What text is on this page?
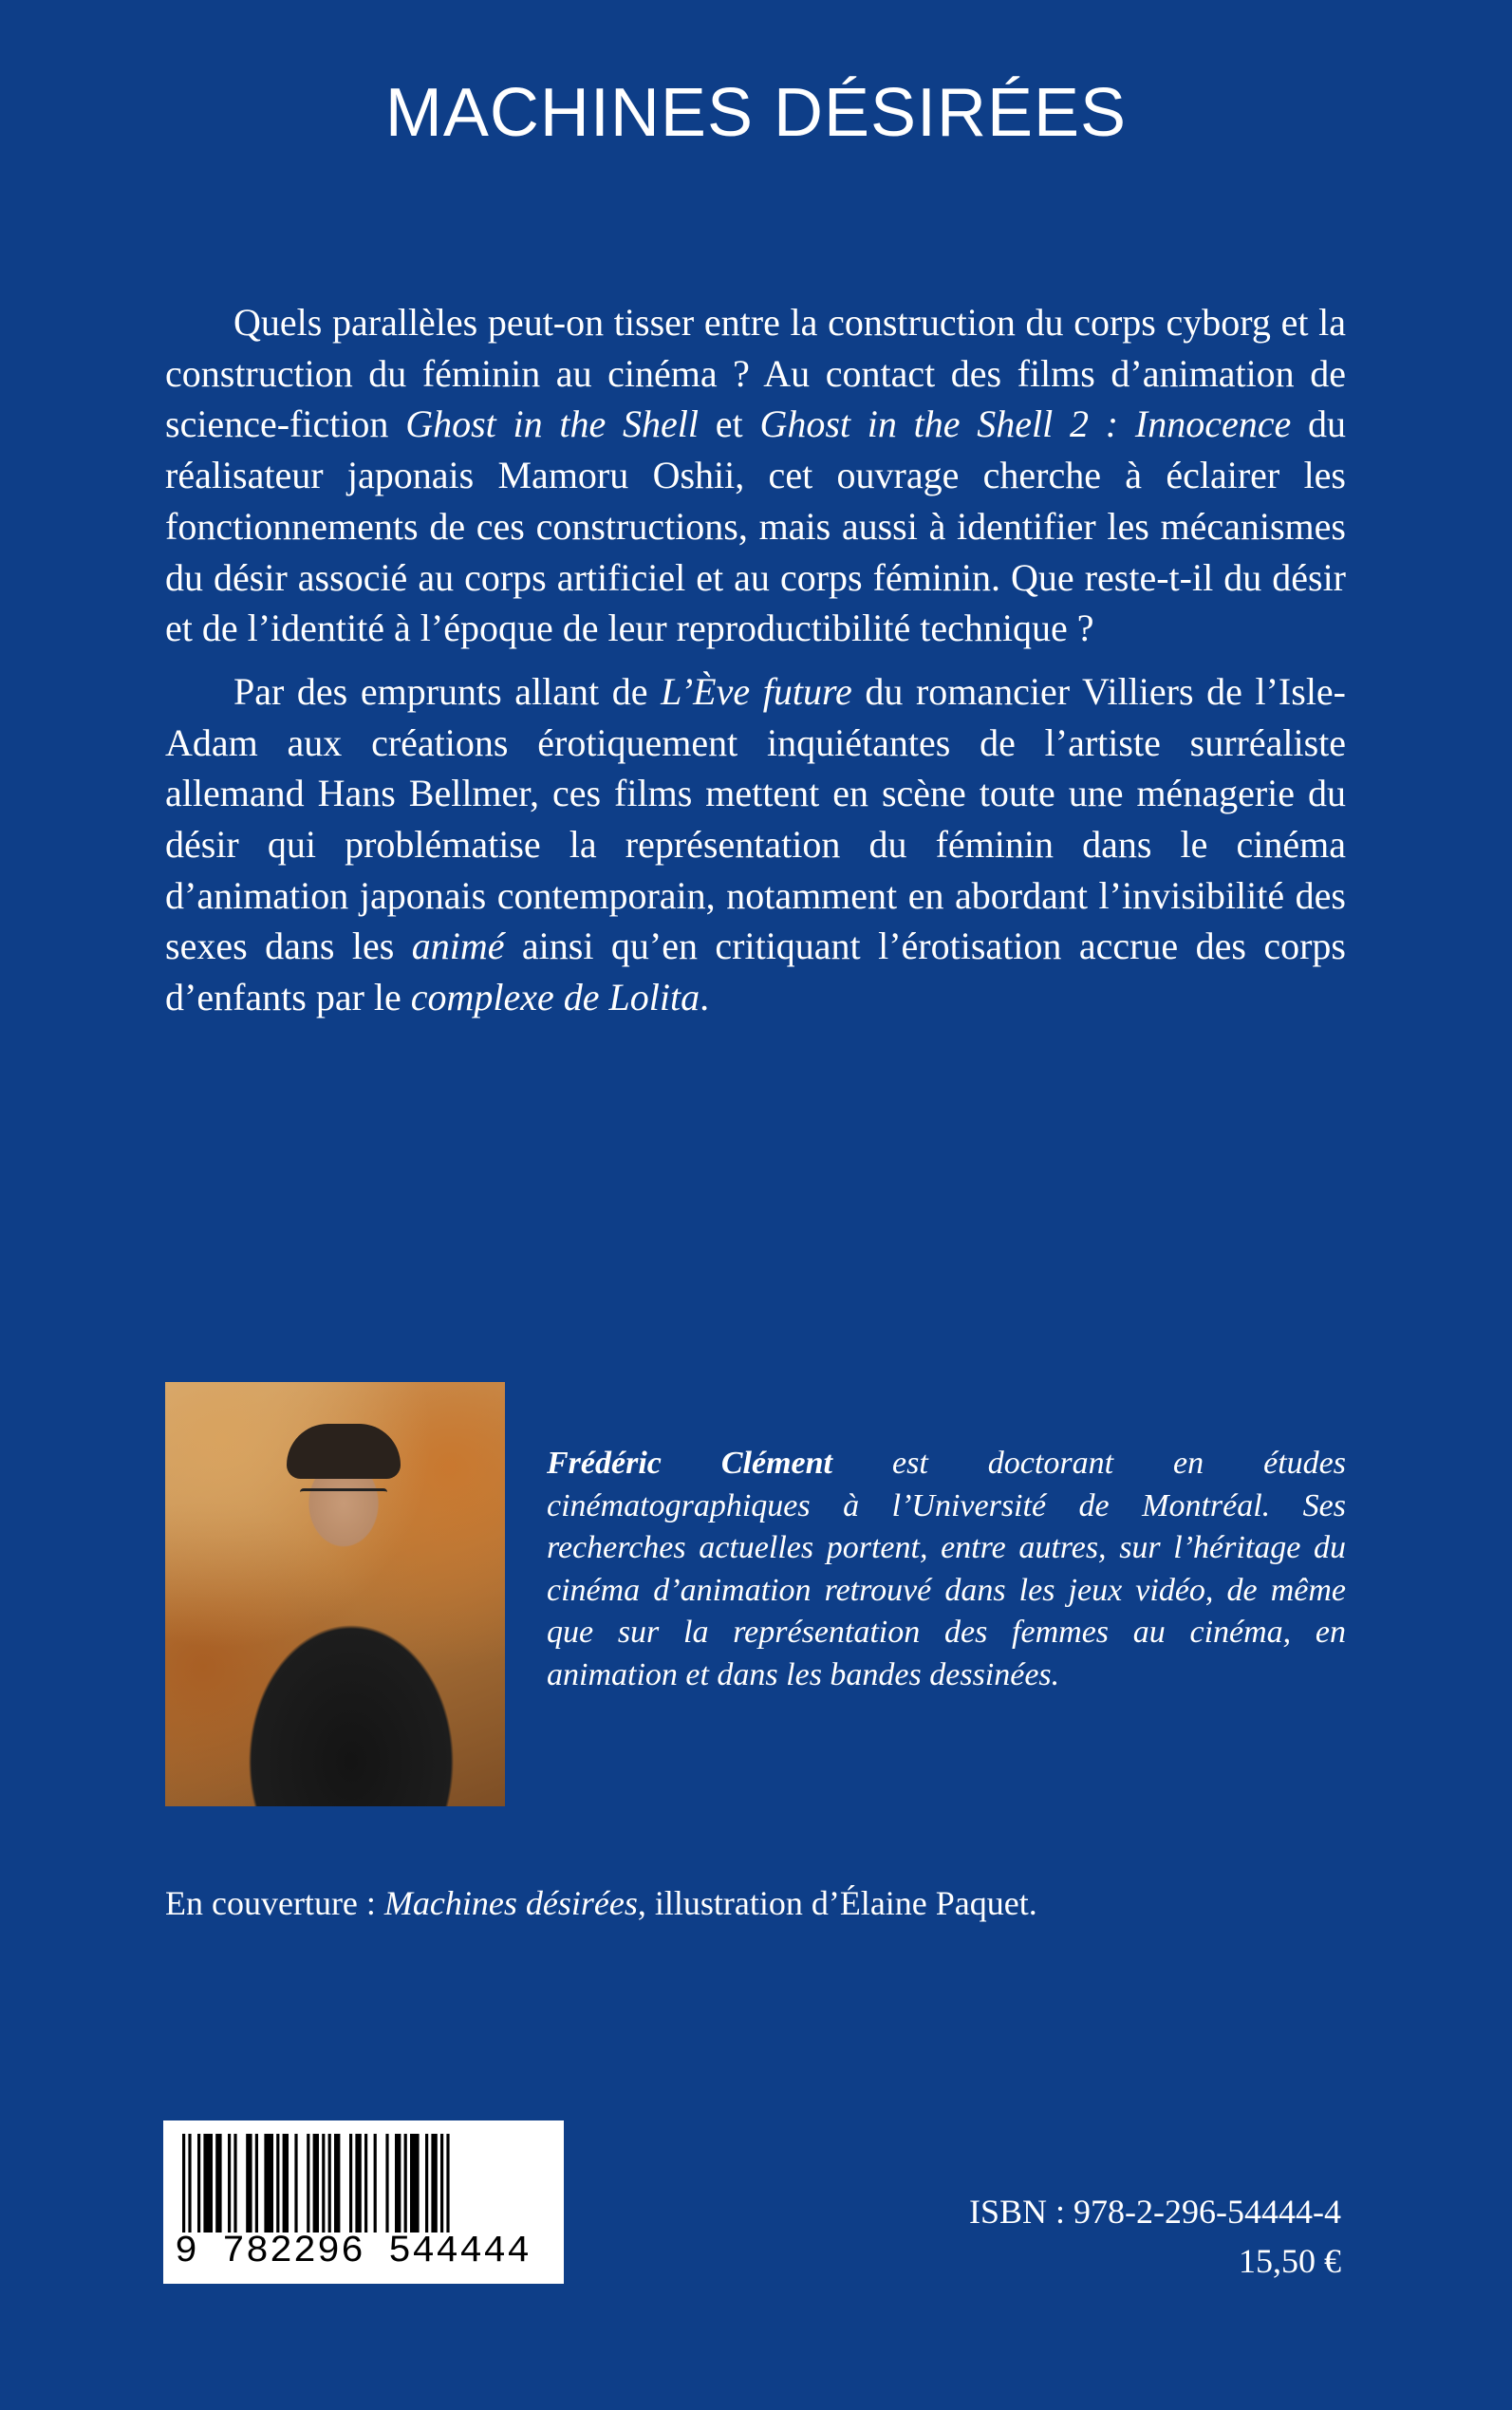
MACHINES DÉSIRÉES

Quels parallèles peut-on tisser entre la construction du corps cyborg et la construction du féminin au cinéma ? Au contact des films d’animation de science-fiction Ghost in the Shell et Ghost in the Shell 2 : Innocence du réalisateur japonais Mamoru Oshii, cet ouvrage cherche à éclairer les fonctionnements de ces constructions, mais aussi à identifier les mécanismes du désir associé au corps artificiel et au corps féminin. Que reste-t-il du désir et de l’identité à l’époque de leur reproductibilité technique ?

Par des emprunts allant de L’Ève future du romancier Villiers de l’Isle-Adam aux créations érotiquement inquiétantes de l’artiste surréaliste allemand Hans Bellmer, ces films mettent en scène toute une ménagerie du désir qui problématise la représentation du féminin dans le cinéma d’animation japonais contemporain, notamment en abordant l’invisibilité des sexes dans les animé ainsi qu’en critiquant l’érotisation accrue des corps d’enfants par le complexe de Lolita.

Frédéric Clément est doctorant en études cinématographiques à l’Université de Montréal. Ses recherches actuelles portent, entre autres, sur l’héritage du cinéma d’animation retrouvé dans les jeux vidéo, de même que sur la représentation des femmes au cinéma, en animation et dans les bandes dessinées.
En couverture : Machines désirées, illustration d’Élaine Paquet.
9 782296 544444
ISBN : 978-2-296-54444-4
15,50 €
